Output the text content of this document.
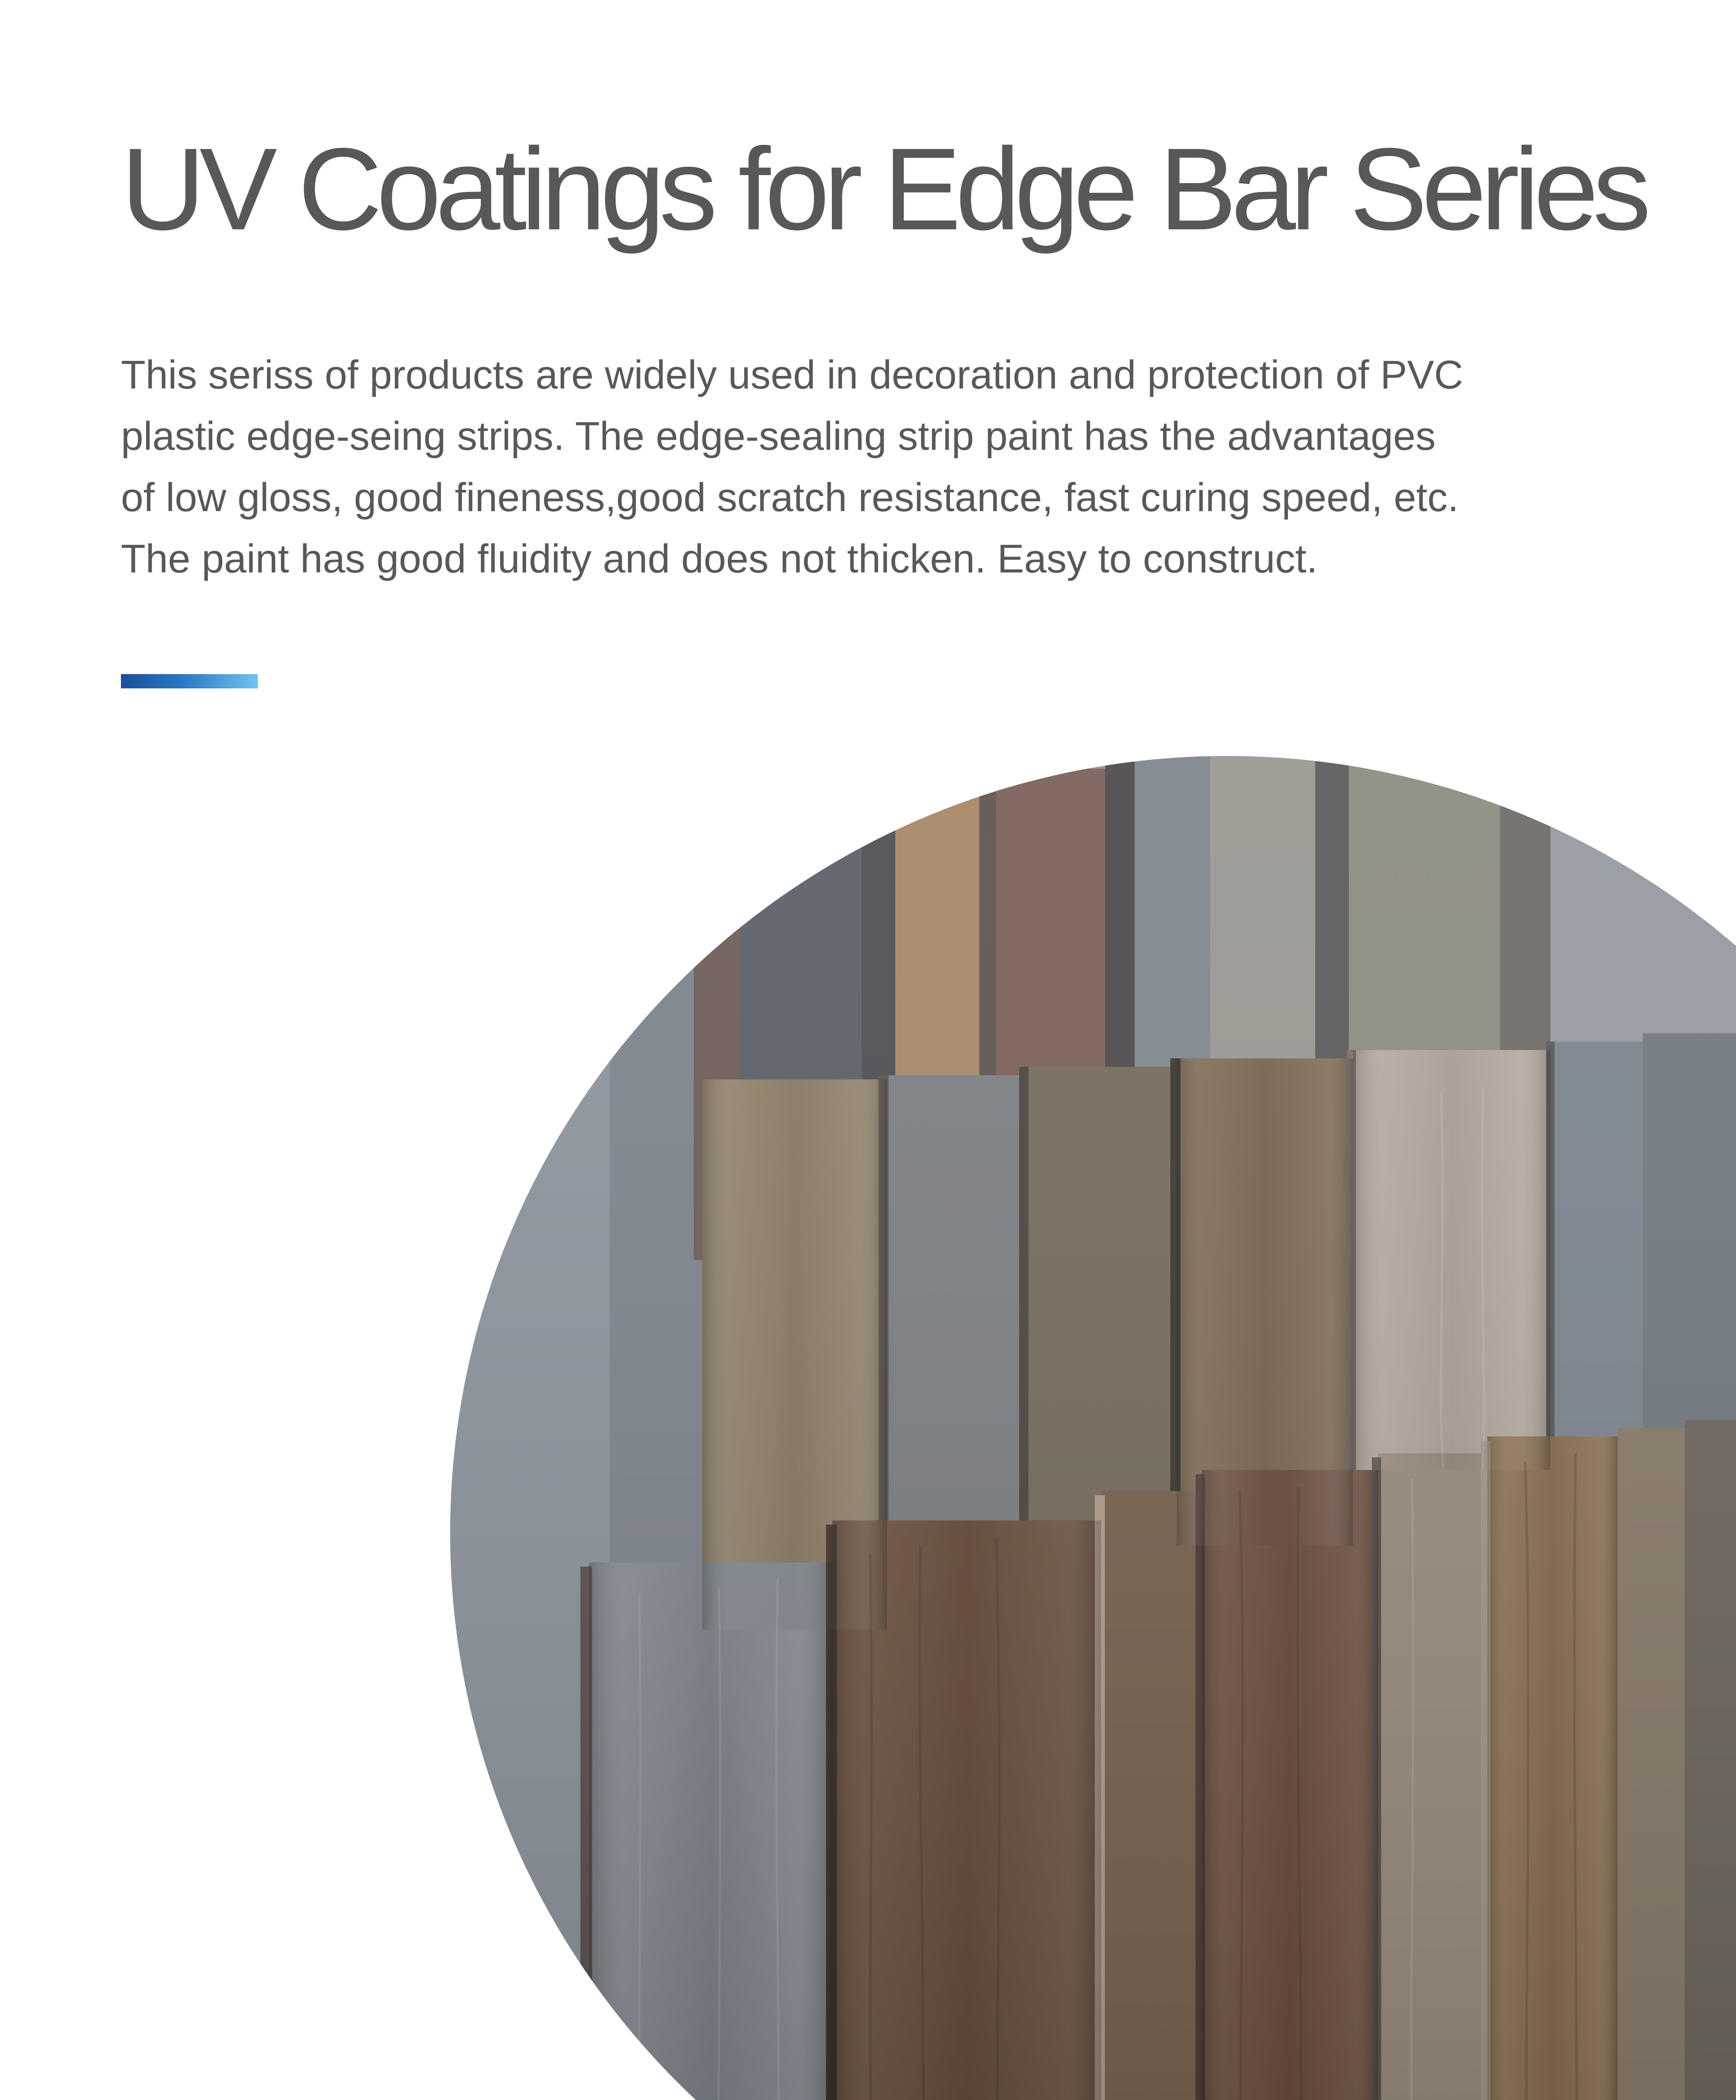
UV Coatings for Edge Bar Series

This seriss of products are widely used in decoration and protection of PVC
plastic edge-seing strips. The edge-sealing strip paint has the advantages
of low gloss, good fineness,good scratch resistance, fast curing speed, etc.
The paint has good fluidity and does not thicken. Easy to construct.
